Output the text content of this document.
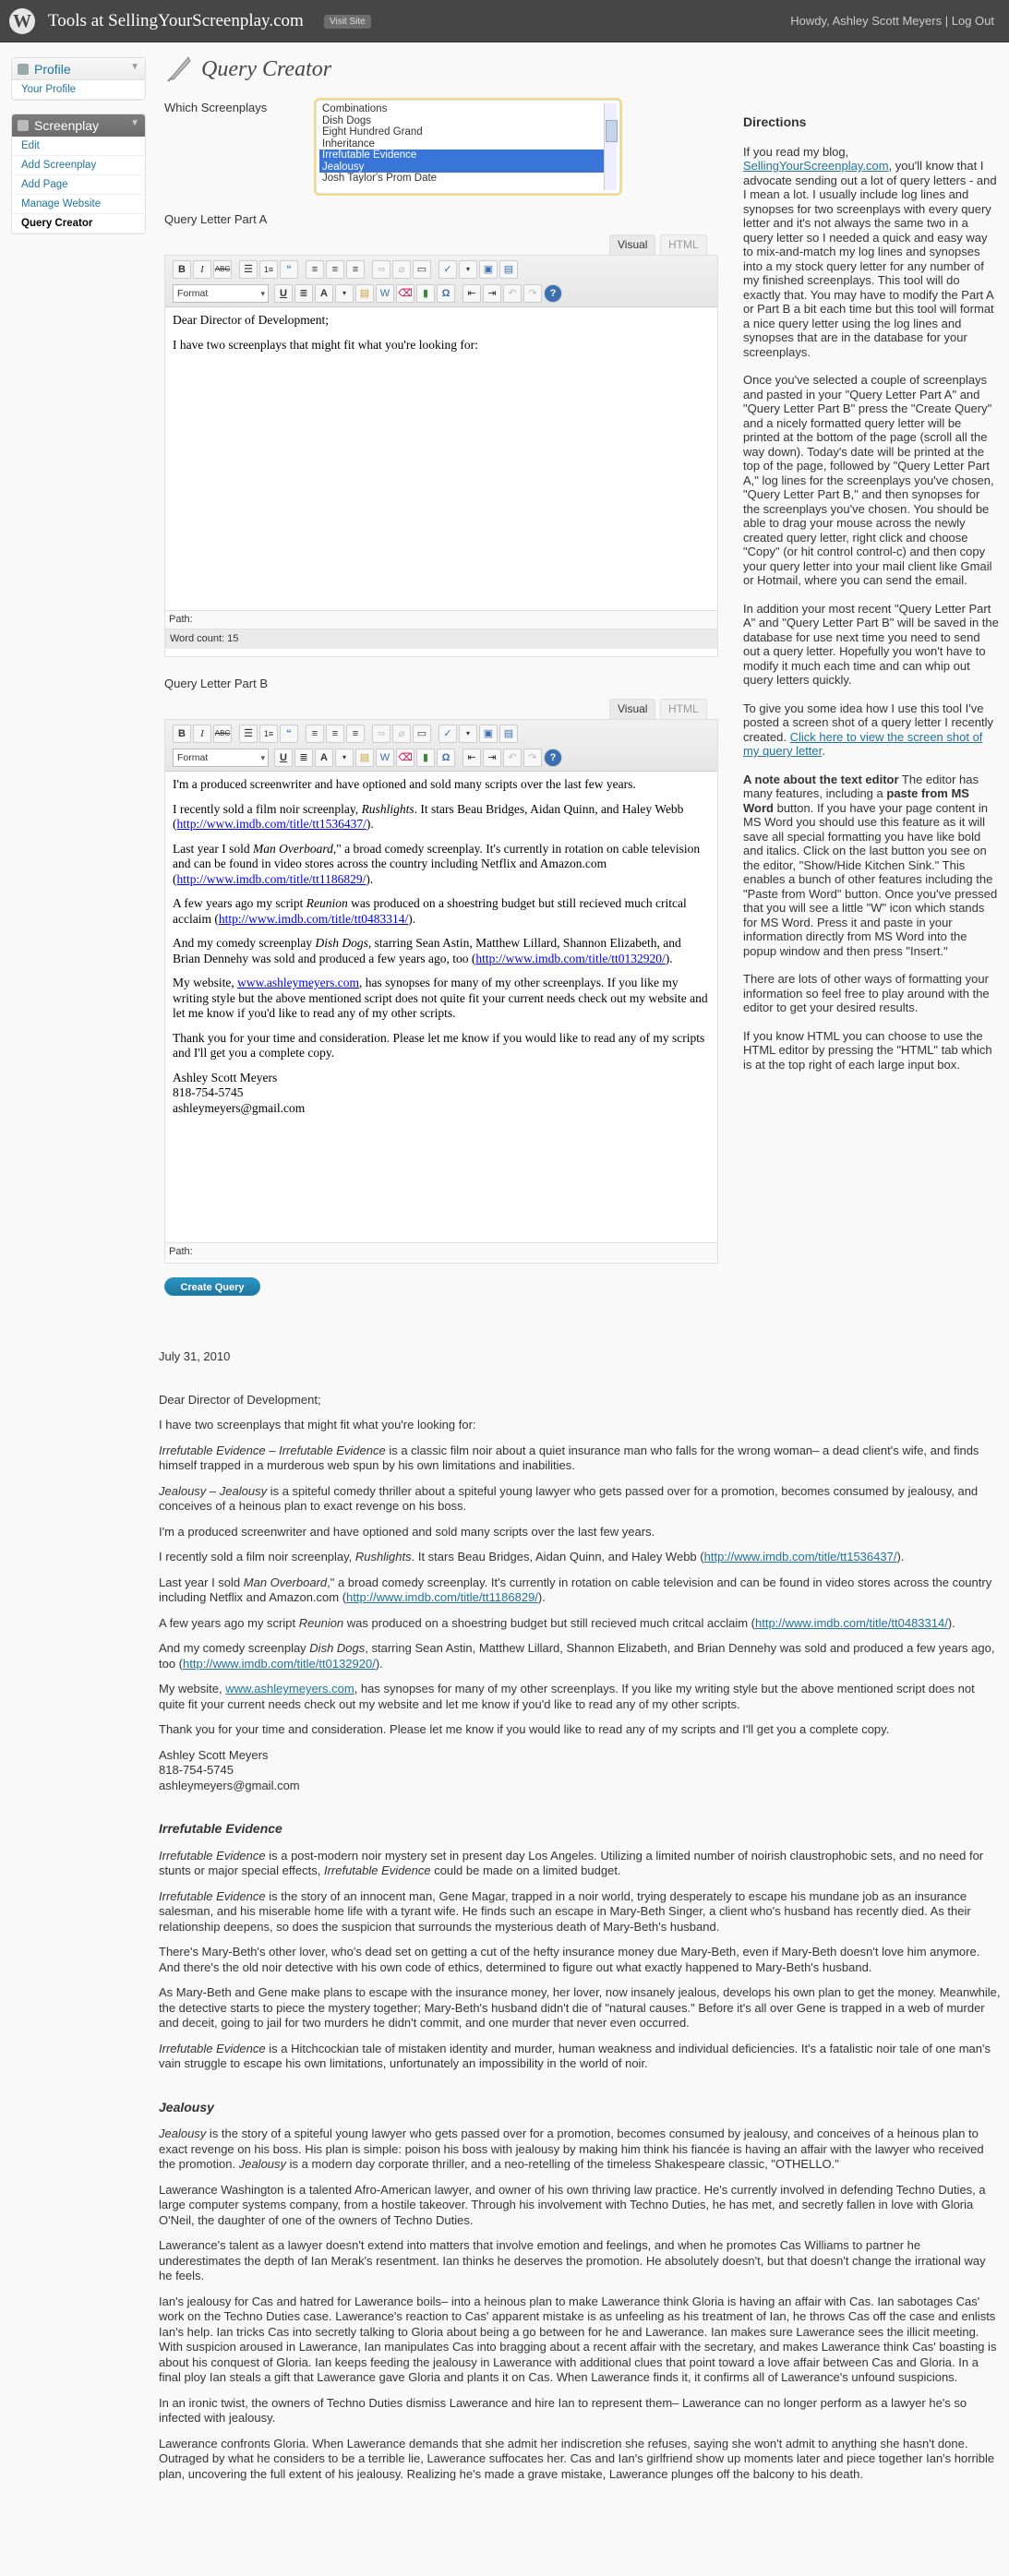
W Tools at SellingYourScreenplay.com	Visit Site	Howdy, Ashley Scott Meyers | Log Out
Profile	▼
Your Profile
Screenplay	▼
Edit
Add Screenplay
Add Page
Manage Website
Query Creator
Query Creator
Which Screenplays	Combinations
Dish Dogs
Eight Hundred Grand
Inheritance
Irrefutable Evidence
Jealousy
Josh Taylor's Prom Date
Query Letter Part A
Visual	HTML
B	I	ABC	☰	1≡	“	≡	≡	≡	∞	⌀	▭	✓	▾	▣	▤
Format ▾	U	≣	A	▾	▤	W ⌫	▮	Ω	⇤	⇥	↶	↷	?

Dear Director of Development;

I have two screenplays that might fit what you're looking for:

Path:
Word count: 15
Query Letter Part B
Visual	HTML
B	I	ABC	☰	1≡	“	≡	≡	≡	∞	⌀	▭	✓	▾	▣	▤
Format ▾	U	≣	A	▾	▤	W ⌫	▮	Ω	⇤	⇥	↶	↷	?

I'm a produced screenwriter and have optioned and sold many scripts over the last few years.

I recently sold a film noir screenplay, Rushlights. It stars Beau Bridges, Aidan Quinn, and Haley Webb (http://www.imdb.com/title/tt1536437/).

Last year I sold Man Overboard," a broad comedy screenplay. It's currently in rotation on cable television and can be found in video stores across the country including Netflix and Amazon.com (http://www.imdb.com/title/tt1186829/).

A few years ago my script Reunion was produced on a shoestring budget but still recieved much critcal acclaim (http://www.imdb.com/title/tt0483314/).

And my comedy screenplay Dish Dogs, starring Sean Astin, Matthew Lillard, Shannon Elizabeth, and Brian Dennehy was sold and produced a few years ago, too (http://www.imdb.com/title/tt0132920/).

My website, www.ashleymeyers.com, has synopses for many of my other screenplays. If you like my writing style but the above mentioned script does not quite fit your current needs check out my website and let me know if you'd like to read any of my other scripts.

Thank you for your time and consideration. Please let me know if you would like to read any of my scripts and I'll get you a complete copy.

Ashley Scott Meyers
818-754-5745
ashleymeyers@gmail.com
Path:
Create Query
Directions

If you read my blog, SellingYourScreenplay.com, you'll know that I advocate sending out a lot of query letters - and I mean a lot. I usually include log lines and synopses for two screenplays with every query letter and it's not always the same two in a query letter so I needed a quick and easy way to mix-and-match my log lines and synopses into a my stock query letter for any number of my finished screenplays. This tool will do exactly that. You may have to modify the Part A or Part B a bit each time but this tool will format a nice query letter using the log lines and synopses that are in the database for your screenplays.

Once you've selected a couple of screenplays and pasted in your "Query Letter Part A" and "Query Letter Part B" press the "Create Query" and a nicely formatted query letter will be printed at the bottom of the page (scroll all the way down). Today's date will be printed at the top of the page, followed by "Query Letter Part A," log lines for the screenplays you've chosen, "Query Letter Part B," and then synopses for the screenplays you've chosen. You should be able to drag your mouse across the newly created query letter, right click and choose "Copy" (or hit control control-c) and then copy your query letter into your mail client like Gmail or Hotmail, where you can send the email.

In addition your most recent "Query Letter Part A" and "Query Letter Part B" will be saved in the database for use next time you need to send out a query letter. Hopefully you won't have to modify it much each time and can whip out query letters quickly.

To give you some idea how I use this tool I've posted a screen shot of a query letter I recently created. Click here to view the screen shot of my query letter.

A note about the text editor The editor has many features, including a paste from MS Word button. If you have your page content in MS Word you should use this feature as it will save all special formatting you have like bold and italics. Click on the last button you see on the editor, "Show/Hide Kitchen Sink." This enables a bunch of other features including the "Paste from Word" button. Once you've pressed that you will see a little "W" icon which stands for MS Word. Press it and paste in your information directly from MS Word into the popup window and then press "Insert."

There are lots of other ways of formatting your information so feel free to play around with the editor to get your desired results.

If you know HTML you can choose to use the HTML editor by pressing the "HTML" tab which is at the top right of each large input box.

July 31, 2010

Dear Director of Development;

I have two screenplays that might fit what you're looking for:

Irrefutable Evidence – Irrefutable Evidence is a classic film noir about a quiet insurance man who falls for the wrong woman– a dead client's wife, and finds himself trapped in a murderous web spun by his own limitations and inabilities.

Jealousy – Jealousy is a spiteful comedy thriller about a spiteful young lawyer who gets passed over for a promotion, becomes consumed by jealousy, and conceives of a heinous plan to exact revenge on his boss.

I'm a produced screenwriter and have optioned and sold many scripts over the last few years.

I recently sold a film noir screenplay, Rushlights. It stars Beau Bridges, Aidan Quinn, and Haley Webb (http://www.imdb.com/title/tt1536437/).

Last year I sold Man Overboard," a broad comedy screenplay. It's currently in rotation on cable television and can be found in video stores across the country including Netflix and Amazon.com (http://www.imdb.com/title/tt1186829/).

A few years ago my script Reunion was produced on a shoestring budget but still recieved much critcal acclaim (http://www.imdb.com/title/tt0483314/).

And my comedy screenplay Dish Dogs, starring Sean Astin, Matthew Lillard, Shannon Elizabeth, and Brian Dennehy was sold and produced a few years ago, too (http://www.imdb.com/title/tt0132920/).

My website, www.ashleymeyers.com, has synopses for many of my other screenplays. If you like my writing style but the above mentioned script does not quite fit your current needs check out my website and let me know if you'd like to read any of my other scripts.

Thank you for your time and consideration. Please let me know if you would like to read any of my scripts and I'll get you a complete copy.

Ashley Scott Meyers
818-754-5745
ashleymeyers@gmail.com
Irrefutable Evidence

Irrefutable Evidence is a post-modern noir mystery set in present day Los Angeles. Utilizing a limited number of noirish claustrophobic sets, and no need for stunts or major special effects, Irrefutable Evidence could be made on a limited budget.

Irrefutable Evidence is the story of an innocent man, Gene Magar, trapped in a noir world, trying desperately to escape his mundane job as an insurance salesman, and his miserable home life with a tyrant wife. He finds such an escape in Mary-Beth Singer, a client who's husband has recently died. As their relationship deepens, so does the suspicion that surrounds the mysterious death of Mary-Beth's husband.

There's Mary-Beth's other lover, who's dead set on getting a cut of the hefty insurance money due Mary-Beth, even if Mary-Beth doesn't love him anymore. And there's the old noir detective with his own code of ethics, determined to figure out what exactly happened to Mary-Beth's husband.

As Mary-Beth and Gene make plans to escape with the insurance money, her lover, now insanely jealous, develops his own plan to get the money. Meanwhile, the detective starts to piece the mystery together; Mary-Beth's husband didn't die of "natural causes." Before it's all over Gene is trapped in a web of murder and deceit, going to jail for two murders he didn't commit, and one murder that never even occurred.

Irrefutable Evidence is a Hitchcockian tale of mistaken identity and murder, human weakness and individual deficiencies. It's a fatalistic noir tale of one man's vain struggle to escape his own limitations, unfortunately an impossibility in the world of noir.

Jealousy

Jealousy is the story of a spiteful young lawyer who gets passed over for a promotion, becomes consumed by jealousy, and conceives of a heinous plan to exact revenge on his boss. His plan is simple: poison his boss with jealousy by making him think his fiancée is having an affair with the lawyer who received the promotion. Jealousy is a modern day corporate thriller, and a neo-retelling of the timeless Shakespeare classic, "OTHELLO."

Lawerance Washington is a talented Afro-American lawyer, and owner of his own thriving law practice. He's currently involved in defending Techno Duties, a large computer systems company, from a hostile takeover. Through his involvement with Techno Duties, he has met, and secretly fallen in love with Gloria O'Neil, the daughter of one of the owners of Techno Duties.

Lawerance's talent as a lawyer doesn't extend into matters that involve emotion and feelings, and when he promotes Cas Williams to partner he underestimates the depth of Ian Merak's resentment. Ian thinks he deserves the promotion. He absolutely doesn't, but that doesn't change the irrational way he feels.

Ian's jealousy for Cas and hatred for Lawerance boils– into a heinous plan to make Lawerance think Gloria is having an affair with Cas. Ian sabotages Cas' work on the Techno Duties case. Lawerance's reaction to Cas' apparent mistake is as unfeeling as his treatment of Ian, he throws Cas off the case and enlists Ian's help. Ian tricks Cas into secretly talking to Gloria about being a go between for he and Lawerance. Ian makes sure Lawerance sees the illicit meeting. With suspicion aroused in Lawerance, Ian manipulates Cas into bragging about a recent affair with the secretary, and makes Lawerance think Cas' boasting is about his conquest of Gloria. Ian keeps feeding the jealousy in Lawerance with additional clues that point toward a love affair between Cas and Gloria. In a final ploy Ian steals a gift that Lawerance gave Gloria and plants it on Cas. When Lawerance finds it, it confirms all of Lawerance's unfound suspicions.

In an ironic twist, the owners of Techno Duties dismiss Lawerance and hire Ian to represent them– Lawerance can no longer perform as a lawyer he's so infected with jealousy.

Lawerance confronts Gloria. When Lawerance demands that she admit her indiscretion she refuses, saying she won't admit to anything she hasn't done. Outraged by what he considers to be a terrible lie, Lawerance suffocates her. Cas and Ian's girlfriend show up moments later and piece together Ian's horrible plan, uncovering the full extent of his jealousy. Realizing he's made a grave mistake, Lawerance plunges off the balcony to his death.
